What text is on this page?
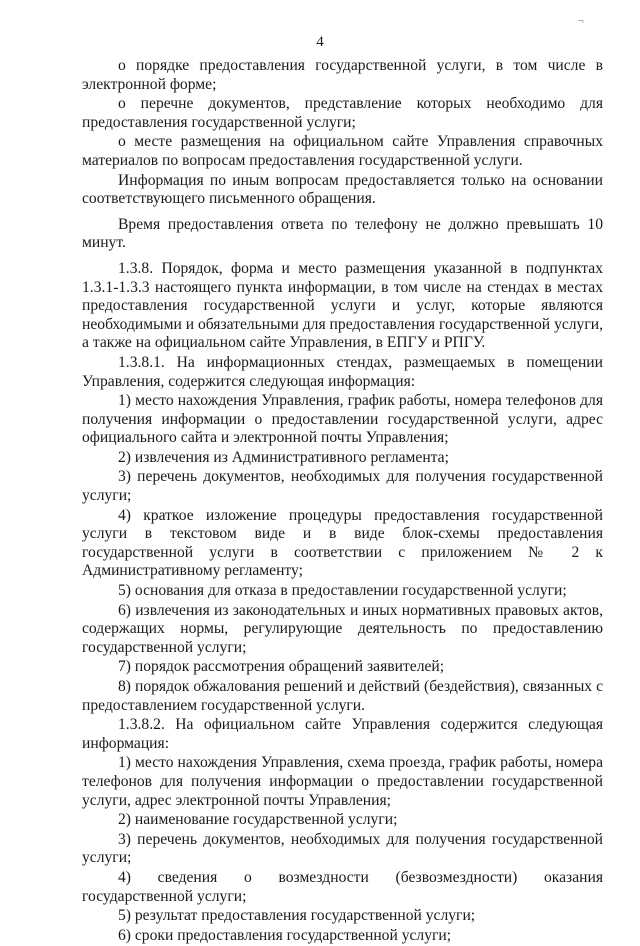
4
¬

о порядке предоставления государственной услуги, в том числе в электронной форме;

о перечне документов, представление которых необходимо для предоставления государственной услуги;

о месте размещения на официальном сайте Управления справочных материалов по вопросам предоставления государственной услуги.

Информация по иным вопросам предоставляется только на основании соответствующего письменного обращения.

Время предоставления ответа по телефону не должно превышать 10 минут.

1.3.8. Порядок, форма и место размещения указанной в подпунктах 1.3.1-1.3.3 настоящего пункта информации, в том числе на стендах в местах предоставления государственной услуги и услуг, которые являются необходимыми и обязательными для предоставления государственной услуги, а также на официальном сайте Управления, в ЕПГУ и РПГУ.

1.3.8.1. На информационных стендах, размещаемых в помещении Управления, содержится следующая информация:

1) место нахождения Управления, график работы, номера телефонов для получения информации о предоставлении государственной услуги, адрес официального сайта и электронной почты Управления;

2) извлечения из Административного регламента;

3) перечень документов, необходимых для получения государственной услуги;

4) краткое изложение процедуры предоставления государственной услуги в текстовом виде и в виде блок-схемы предоставления государственной услуги в соответствии с приложением № 2 к Административному регламенту;

5) основания для отказа в предоставлении государственной услуги;

6) извлечения из законодательных и иных нормативных правовых актов, содержащих нормы, регулирующие деятельность по предоставлению государственной услуги;

7) порядок рассмотрения обращений заявителей;

8) порядок обжалования решений и действий (бездействия), связанных с предоставлением государственной услуги.

1.3.8.2. На официальном сайте Управления содержится следующая информация:

1) место нахождения Управления, схема проезда, график работы, номера телефонов для получения информации о предоставлении государственной услуги, адрес электронной почты Управления;

2) наименование государственной услуги;

3) перечень документов, необходимых для получения государственной услуги;

4) сведения о возмездности (безвозмездности) оказания государственной услуги;

5) результат предоставления государственной услуги;

6) сроки предоставления государственной услуги;
